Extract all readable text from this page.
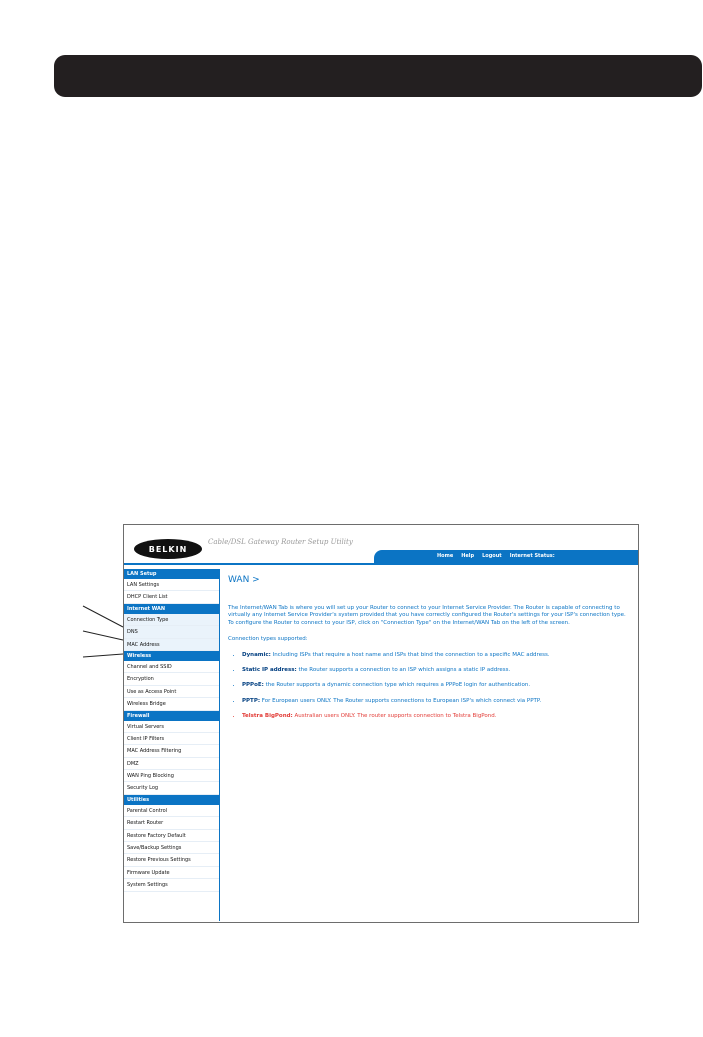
BELKIN
Cable/DSL Gateway Router Setup Utility
Home Help Logout Internet Status:
LAN Setup
LAN Settings
DHCP Client List
Internet WAN
Connection Type
DNS
MAC Address
Wireless
Channel and SSID
Encryption
Use as Access Point
Wireless Bridge
Firewall
Virtual Servers
Client IP Filters
MAC Address Filtering
DMZ
WAN Ping Blocking
Security Log
Utilities
Parental Control
Restart Router
Restore Factory Default
Save/Backup Settings
Restore Previous Settings
Firmware Update
System Settings
WAN >
The Internet/WAN Tab is where you will set up your Router to connect to your Internet Service Provider. The Router is capable of connecting to virtually any Internet Service Provider's system provided that you have correctly configured the Router's settings for your ISP's connection type. To configure the Router to connect to your ISP, click on "Connection Type" on the Internet/WAN Tab on the left of the screen.
Connection types supported:
• Dynamic: Including ISPs that require a host name and ISPs that bind the connection to a specific MAC address.
• Static IP address: the Router supports a connection to an ISP which assigns a static IP address.
• PPPoE: the Router supports a dynamic connection type which requires a PPPoE login for authentication.
• PPTP: For European users ONLY. The Router supports connections to European ISP's which connect via PPTP.
• Telstra BigPond: Australian users ONLY. The router supports connection to Telstra BigPond.
